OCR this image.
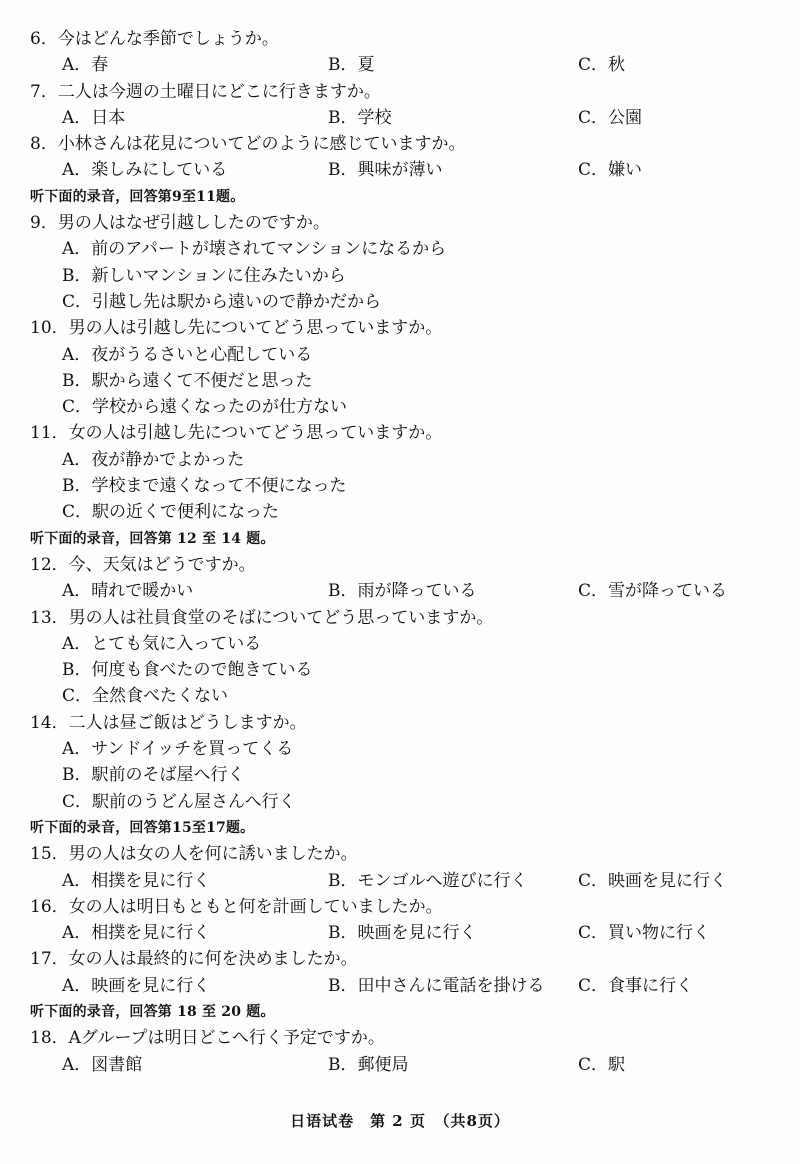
6．今はどんな季節でしょうか。
A．春	B．夏	C．秋
7．二人は今週の土曜日にどこに行きますか。
A．日本	B．学校	C．公園
8．小林さんは花見についてどのように感じていますか。
A．楽しみにしている	B．興味が薄い	C．嫌い
听下面的录音，回答第9至11题。
9．男の人はなぜ引越ししたのですか。
A．前のアパートが壊されてマンションになるから
B．新しいマンションに住みたいから
C．引越し先は駅から遠いので静かだから
10．男の人は引越し先についてどう思っていますか。
A．夜がうるさいと心配している
B．駅から遠くて不便だと思った
C．学校から遠くなったのが仕方ない
11．女の人は引越し先についてどう思っていますか。
A．夜が静かでよかった
B．学校まで遠くなって不便になった
C．駅の近くで便利になった
听下面的录音，回答第 12 至 14 题。
12．今、天気はどうですか。
A．晴れで暖かい	B．雨が降っている	C．雪が降っている
13．男の人は社員食堂のそばについてどう思っていますか。
A．とても気に入っている
B．何度も食べたので飽きている
C．全然食べたくない
14．二人は昼ご飯はどうしますか。
A．サンドイッチを買ってくる
B．駅前のそば屋へ行く
C．駅前のうどん屋さんへ行く
听下面的录音，回答第15至17题。
15．男の人は女の人を何に誘いましたか。
A．相撲を見に行く	B．モンゴルへ遊びに行く	C．映画を見に行く
16．女の人は明日もともと何を計画していましたか。
A．相撲を見に行く	B．映画を見に行く	C．買い物に行く
17．女の人は最終的に何を決めましたか。
A．映画を見に行く	B．田中さんに電話を掛ける C．食事に行く
听下面的录音，回答第 18 至 20 题。
18．Aグループは明日どこへ行く予定ですか。
A．図書館	B．郵便局	C．駅
日语试卷　第 2 页　（共8页）
